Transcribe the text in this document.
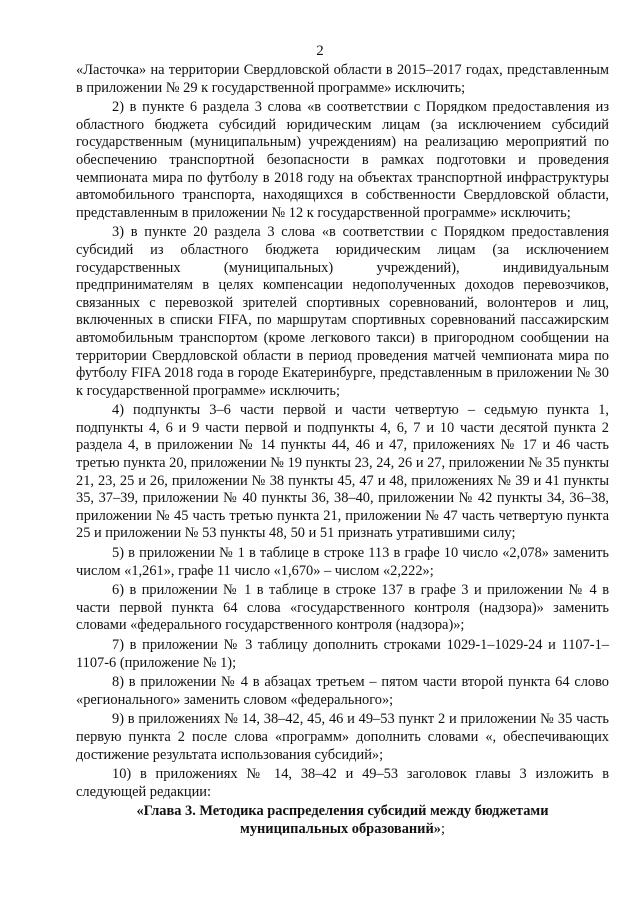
2

«Ласточка» на территории Свердловской области в 2015–2017 годах, представленным в приложении № 29 к государственной программе» исключить;

2) в пункте 6 раздела 3 слова «в соответствии с Порядком предоставления из областного бюджета субсидий юридическим лицам (за исключением субсидий государственным (муниципальным) учреждениям) на реализацию мероприятий по обеспечению транспортной безопасности в рамках подготовки и проведения чемпионата мира по футболу в 2018 году на объектах транспортной инфраструктуры автомобильного транспорта, находящихся в собственности Свердловской области, представленным в приложении № 12 к государственной программе» исключить;

3) в пункте 20 раздела 3 слова «в соответствии с Порядком предоставления субсидий из областного бюджета юридическим лицам (за исключением государственных (муниципальных) учреждений), индивидуальным предпринимателям в целях компенсации недополученных доходов перевозчиков, связанных с перевозкой зрителей спортивных соревнований, волонтеров и лиц, включенных в списки FIFA, по маршрутам спортивных соревнований пассажирским автомобильным транспортом (кроме легкового такси) в пригородном сообщении на территории Свердловской области в период проведения матчей чемпионата мира по футболу FIFA 2018 года в городе Екатеринбурге, представленным в приложении № 30 к государственной программе» исключить;

4) подпункты 3–6 части первой и части четвертую – седьмую пункта 1, подпункты 4, 6 и 9 части первой и подпункты 4, 6, 7 и 10 части десятой пункта 2 раздела 4, в приложении № 14 пункты 44, 46 и 47, приложениях № 17 и 46 часть третью пункта 20, приложении № 19 пункты 23, 24, 26 и 27, приложении № 35 пункты 21, 23, 25 и 26, приложении № 38 пункты 45, 47 и 48, приложениях № 39 и 41 пункты 35, 37–39, приложении № 40 пункты 36, 38–40, приложении № 42 пункты 34, 36–38, приложении № 45 часть третью пункта 21, приложении № 47 часть четвертую пункта 25 и приложении № 53 пункты 48, 50 и 51 признать утратившими силу;

5) в приложении № 1 в таблице в строке 113 в графе 10 число «2,078» заменить числом «1,261», графе 11 число «1,670» – числом «2,222»;

6) в приложении № 1 в таблице в строке 137 в графе 3 и приложении № 4 в части первой пункта 64 слова «государственного контроля (надзора)» заменить словами «федерального государственного контроля (надзора)»;

7) в приложении № 3 таблицу дополнить строками 1029-1–1029-24 и 1107-1–1107-6 (приложение № 1);

8) в приложении № 4 в абзацах третьем – пятом части второй пункта 64 слово «регионального» заменить словом «федерального»;

9) в приложениях № 14, 38–42, 45, 46 и 49–53 пункт 2 и приложении № 35 часть первую пункта 2 после слова «программ» дополнить словами «, обеспечивающих достижение результата использования субсидий»;

10) в приложениях № 14, 38–42 и 49–53 заголовок главы 3 изложить в следующей редакции:

«Глава 3. Методика распределения субсидий между бюджетами муниципальных образований»;
